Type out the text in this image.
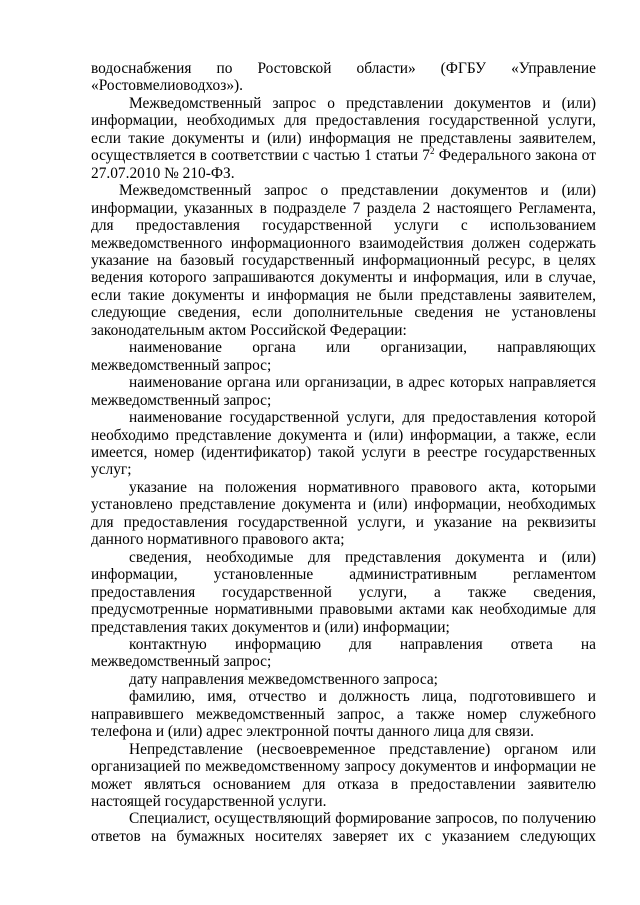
водоснабжения по Ростовской области» (ФГБУ «Управление «Ростовмелиоводхоз»).

Межведомственный запрос о представлении документов и (или) информации, необходимых для предоставления государственной услуги, если такие документы и (или) информация не представлены заявителем, осуществляется в соответствии с частью 1 статьи $7^2$ Федерального закона от 27.07.2010 № 210-ФЗ.

Межведомственный запрос о представлении документов и (или) информации, указанных в подразделе 7 раздела 2 настоящего Регламента, для предоставления государственной услуги с использованием межведомственного информационного взаимодействия должен содержать указание на базовый государственный информационный ресурс, в целях ведения которого запрашиваются документы и информация, или в случае, если такие документы и информация не были представлены заявителем, следующие сведения, если дополнительные сведения не установлены законодательным актом Российской Федерации:

наименование органа или организации, направляющих межведомственный запрос;

наименование органа или организации, в адрес которых направляется межведомственный запрос;

наименование государственной услуги, для предоставления которой необходимо представление документа и (или) информации, а также, если имеется, номер (идентификатор) такой услуги в реестре государственных услуг;

указание на положения нормативного правового акта, которыми установлено представление документа и (или) информации, необходимых для предоставления государственной услуги, и указание на реквизиты данного нормативного правового акта;

сведения, необходимые для представления документа и (или) информации, установленные административным регламентом предоставления государственной услуги, а также сведения, предусмотренные нормативными правовыми актами как необходимые для представления таких документов и (или) информации;

контактную информацию для направления ответа на межведомственный запрос;

дату направления межведомственного запроса;

фамилию, имя, отчество и должность лица, подготовившего и направившего межведомственный запрос, а также номер служебного телефона и (или) адрес электронной почты данного лица для связи.

Непредставление (несвоевременное представление) органом или организацией по межведомственному запросу документов и информации не может являться основанием для отказа в предоставлении заявителю настоящей государственной услуги.

Специалист, осуществляющий формирование запросов, по получению ответов на бумажных носителях заверяет их с указанием следующих
